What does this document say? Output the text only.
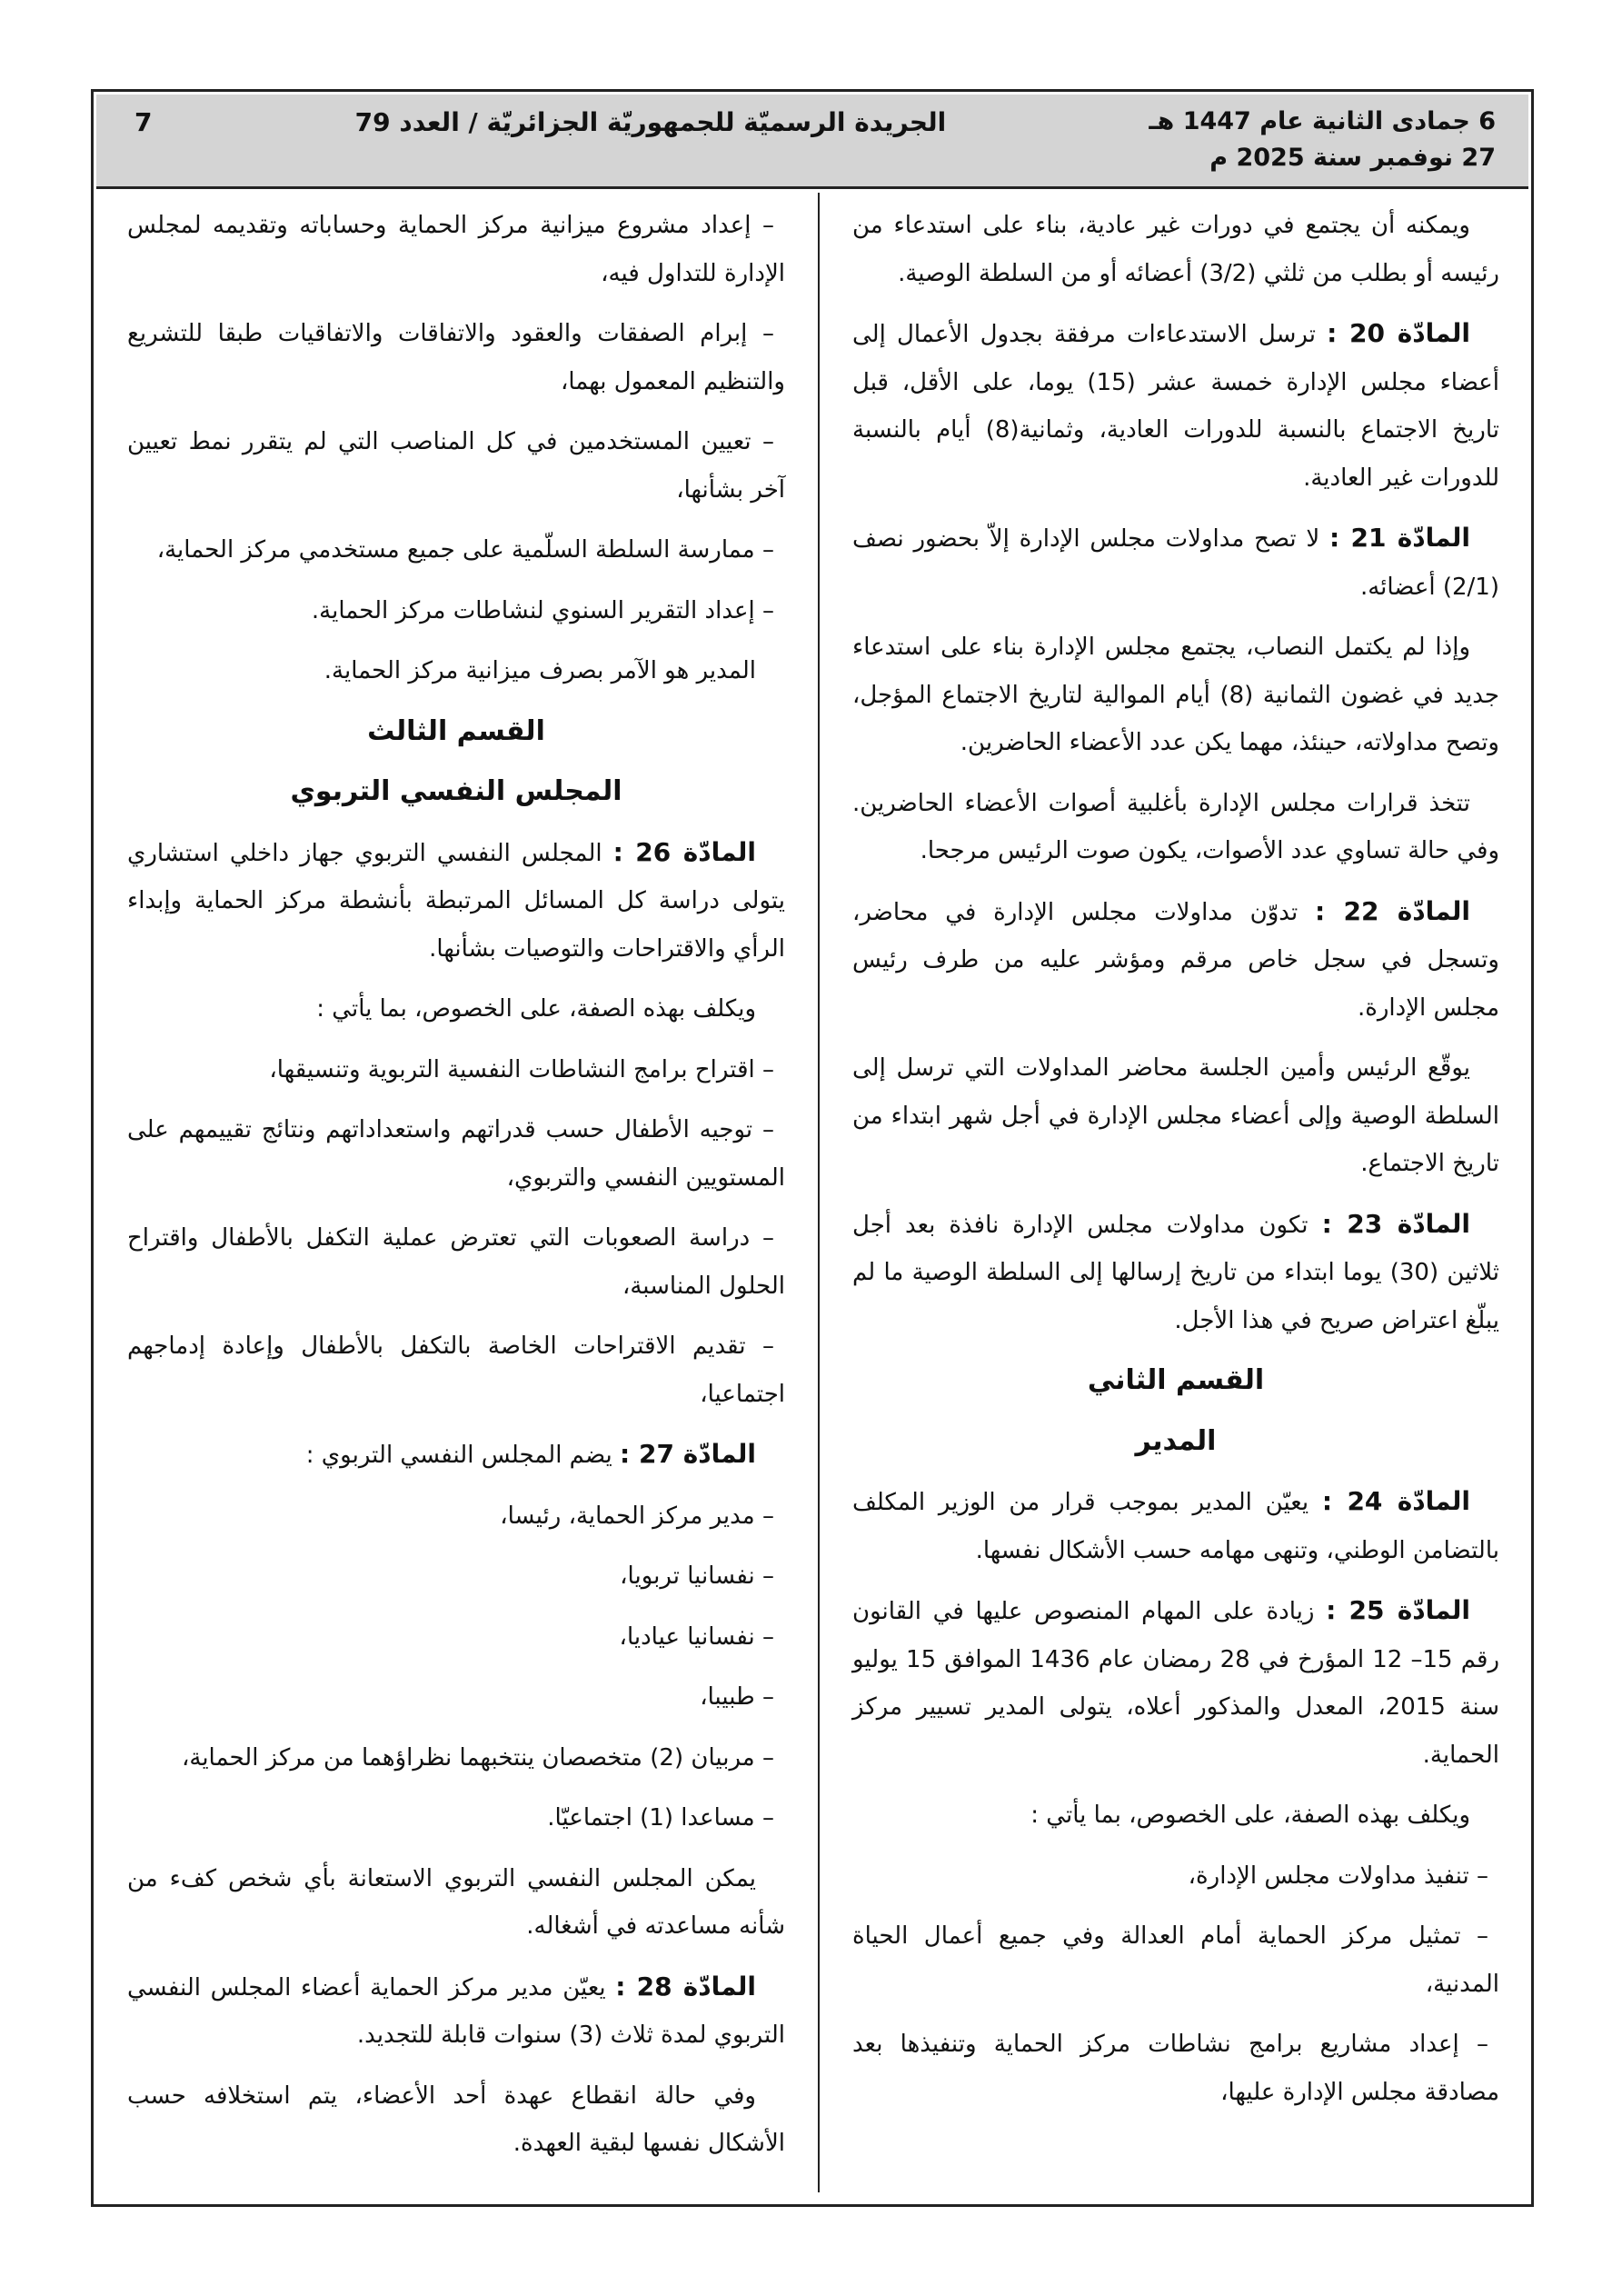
7	الجريدة الرسميّة للجمهوريّة الجزائريّة / العدد 79	6 جمادى الثانية عام 1447 هـ
27 نوفمبر سنة 2025 م
ويمكنه أن يجتمع في دورات غير عادية، بناء على استدعاء من رئيسه أو بطلب من ثلثي (3/2) أعضائه أو من السلطة الوصية.
المادّة 20 : ترسل الاستدعاءات مرفقة بجدول الأعمال إلى أعضاء مجلس الإدارة خمسة عشر (15) يوما، على الأقل، قبل تاريخ الاجتماع بالنسبة للدورات العادية، وثمانية(8) أيام بالنسبة للدورات غير العادية.
المادّة 21 : لا تصح مداولات مجلس الإدارة إلاّ بحضور نصف (2/1) أعضائه.
وإذا لم يكتمل النصاب، يجتمع مجلس الإدارة بناء على استدعاء جديد في غضون الثمانية (8) أيام الموالية لتاريخ الاجتماع المؤجل، وتصح مداولاته، حينئذ، مهما يكن عدد الأعضاء الحاضرين.
تتخذ قرارات مجلس الإدارة بأغلبية أصوات الأعضاء الحاضرين. وفي حالة تساوي عدد الأصوات، يكون صوت الرئيس مرجحا.
المادّة 22 : تدوّن مداولات مجلس الإدارة في محاضر، وتسجل في سجل خاص مرقم ومؤشر عليه من طرف رئيس مجلس الإدارة.
يوقّع الرئيس وأمين الجلسة محاضر المداولات التي ترسل إلى السلطة الوصية وإلى أعضاء مجلس الإدارة في أجل شهر ابتداء من تاريخ الاجتماع.
المادّة 23 : تكون مداولات مجلس الإدارة نافذة بعد أجل ثلاثين (30) يوما ابتداء من تاريخ إرسالها إلى السلطة الوصية ما لم يبلّغ اعتراض صريح في هذا الأجل.
القسم الثاني
المدير
المادّة 24 : يعيّن المدير بموجب قرار من الوزير المكلف بالتضامن الوطني، وتنهى مهامه حسب الأشكال نفسها.
المادّة 25 : زيادة على المهام المنصوص عليها في القانون رقم 15– 12 المؤرخ في 28 رمضان عام 1436 الموافق 15 يوليو سنة 2015، المعدل والمذكور أعلاه، يتولى المدير تسيير مركز الحماية.
ويكلف بهذه الصفة، على الخصوص، بما يأتي :
– تنفيذ مداولات مجلس الإدارة،
– تمثيل مركز الحماية أمام العدالة وفي جميع أعمال الحياة المدنية،
– إعداد مشاريع برامج نشاطات مركز الحماية وتنفيذها بعد مصادقة مجلس الإدارة عليها،
– إعداد مشروع ميزانية مركز الحماية وحساباته وتقديمه لمجلس الإدارة للتداول فيه،
– إبرام الصفقات والعقود والاتفاقات والاتفاقيات طبقا للتشريع والتنظيم المعمول بهما،
– تعيين المستخدمين في كل المناصب التي لم يتقرر نمط تعيين آخر بشأنها،
– ممارسة السلطة السلّمية على جميع مستخدمي مركز الحماية،
– إعداد التقرير السنوي لنشاطات مركز الحماية.
المدير هو الآمر بصرف ميزانية مركز الحماية.
القسم الثالث
المجلس النفسي التربوي
المادّة 26 : المجلس النفسي التربوي جهاز داخلي استشاري يتولى دراسة كل المسائل المرتبطة بأنشطة مركز الحماية وإبداء الرأي والاقتراحات والتوصيات بشأنها.
ويكلف بهذه الصفة، على الخصوص، بما يأتي :
– اقتراح برامج النشاطات النفسية التربوية وتنسيقها،
– توجيه الأطفال حسب قدراتهم واستعداداتهم ونتائج تقييمهم على المستويين النفسي والتربوي،
– دراسة الصعوبات التي تعترض عملية التكفل بالأطفال واقتراح الحلول المناسبة،
– تقديم الاقتراحات الخاصة بالتكفل بالأطفال وإعادة إدماجهم اجتماعيا،
المادّة 27 : يضم المجلس النفسي التربوي :
– مدير مركز الحماية، رئيسا،
– نفسانيا تربويا،
– نفسانيا عياديا،
– طبيبا،
– مربيان (2) متخصصان ينتخبهما نظراؤهما من مركز الحماية،
– مساعدا (1) اجتماعيّا.
يمكن المجلس النفسي التربوي الاستعانة بأي شخص كفء من شأنه مساعدته في أشغاله.
المادّة 28 : يعيّن مدير مركز الحماية أعضاء المجلس النفسي التربوي لمدة ثلاث (3) سنوات قابلة للتجديد.
وفي حالة انقطاع عهدة أحد الأعضاء، يتم استخلافه حسب الأشكال نفسها لبقية العهدة.
